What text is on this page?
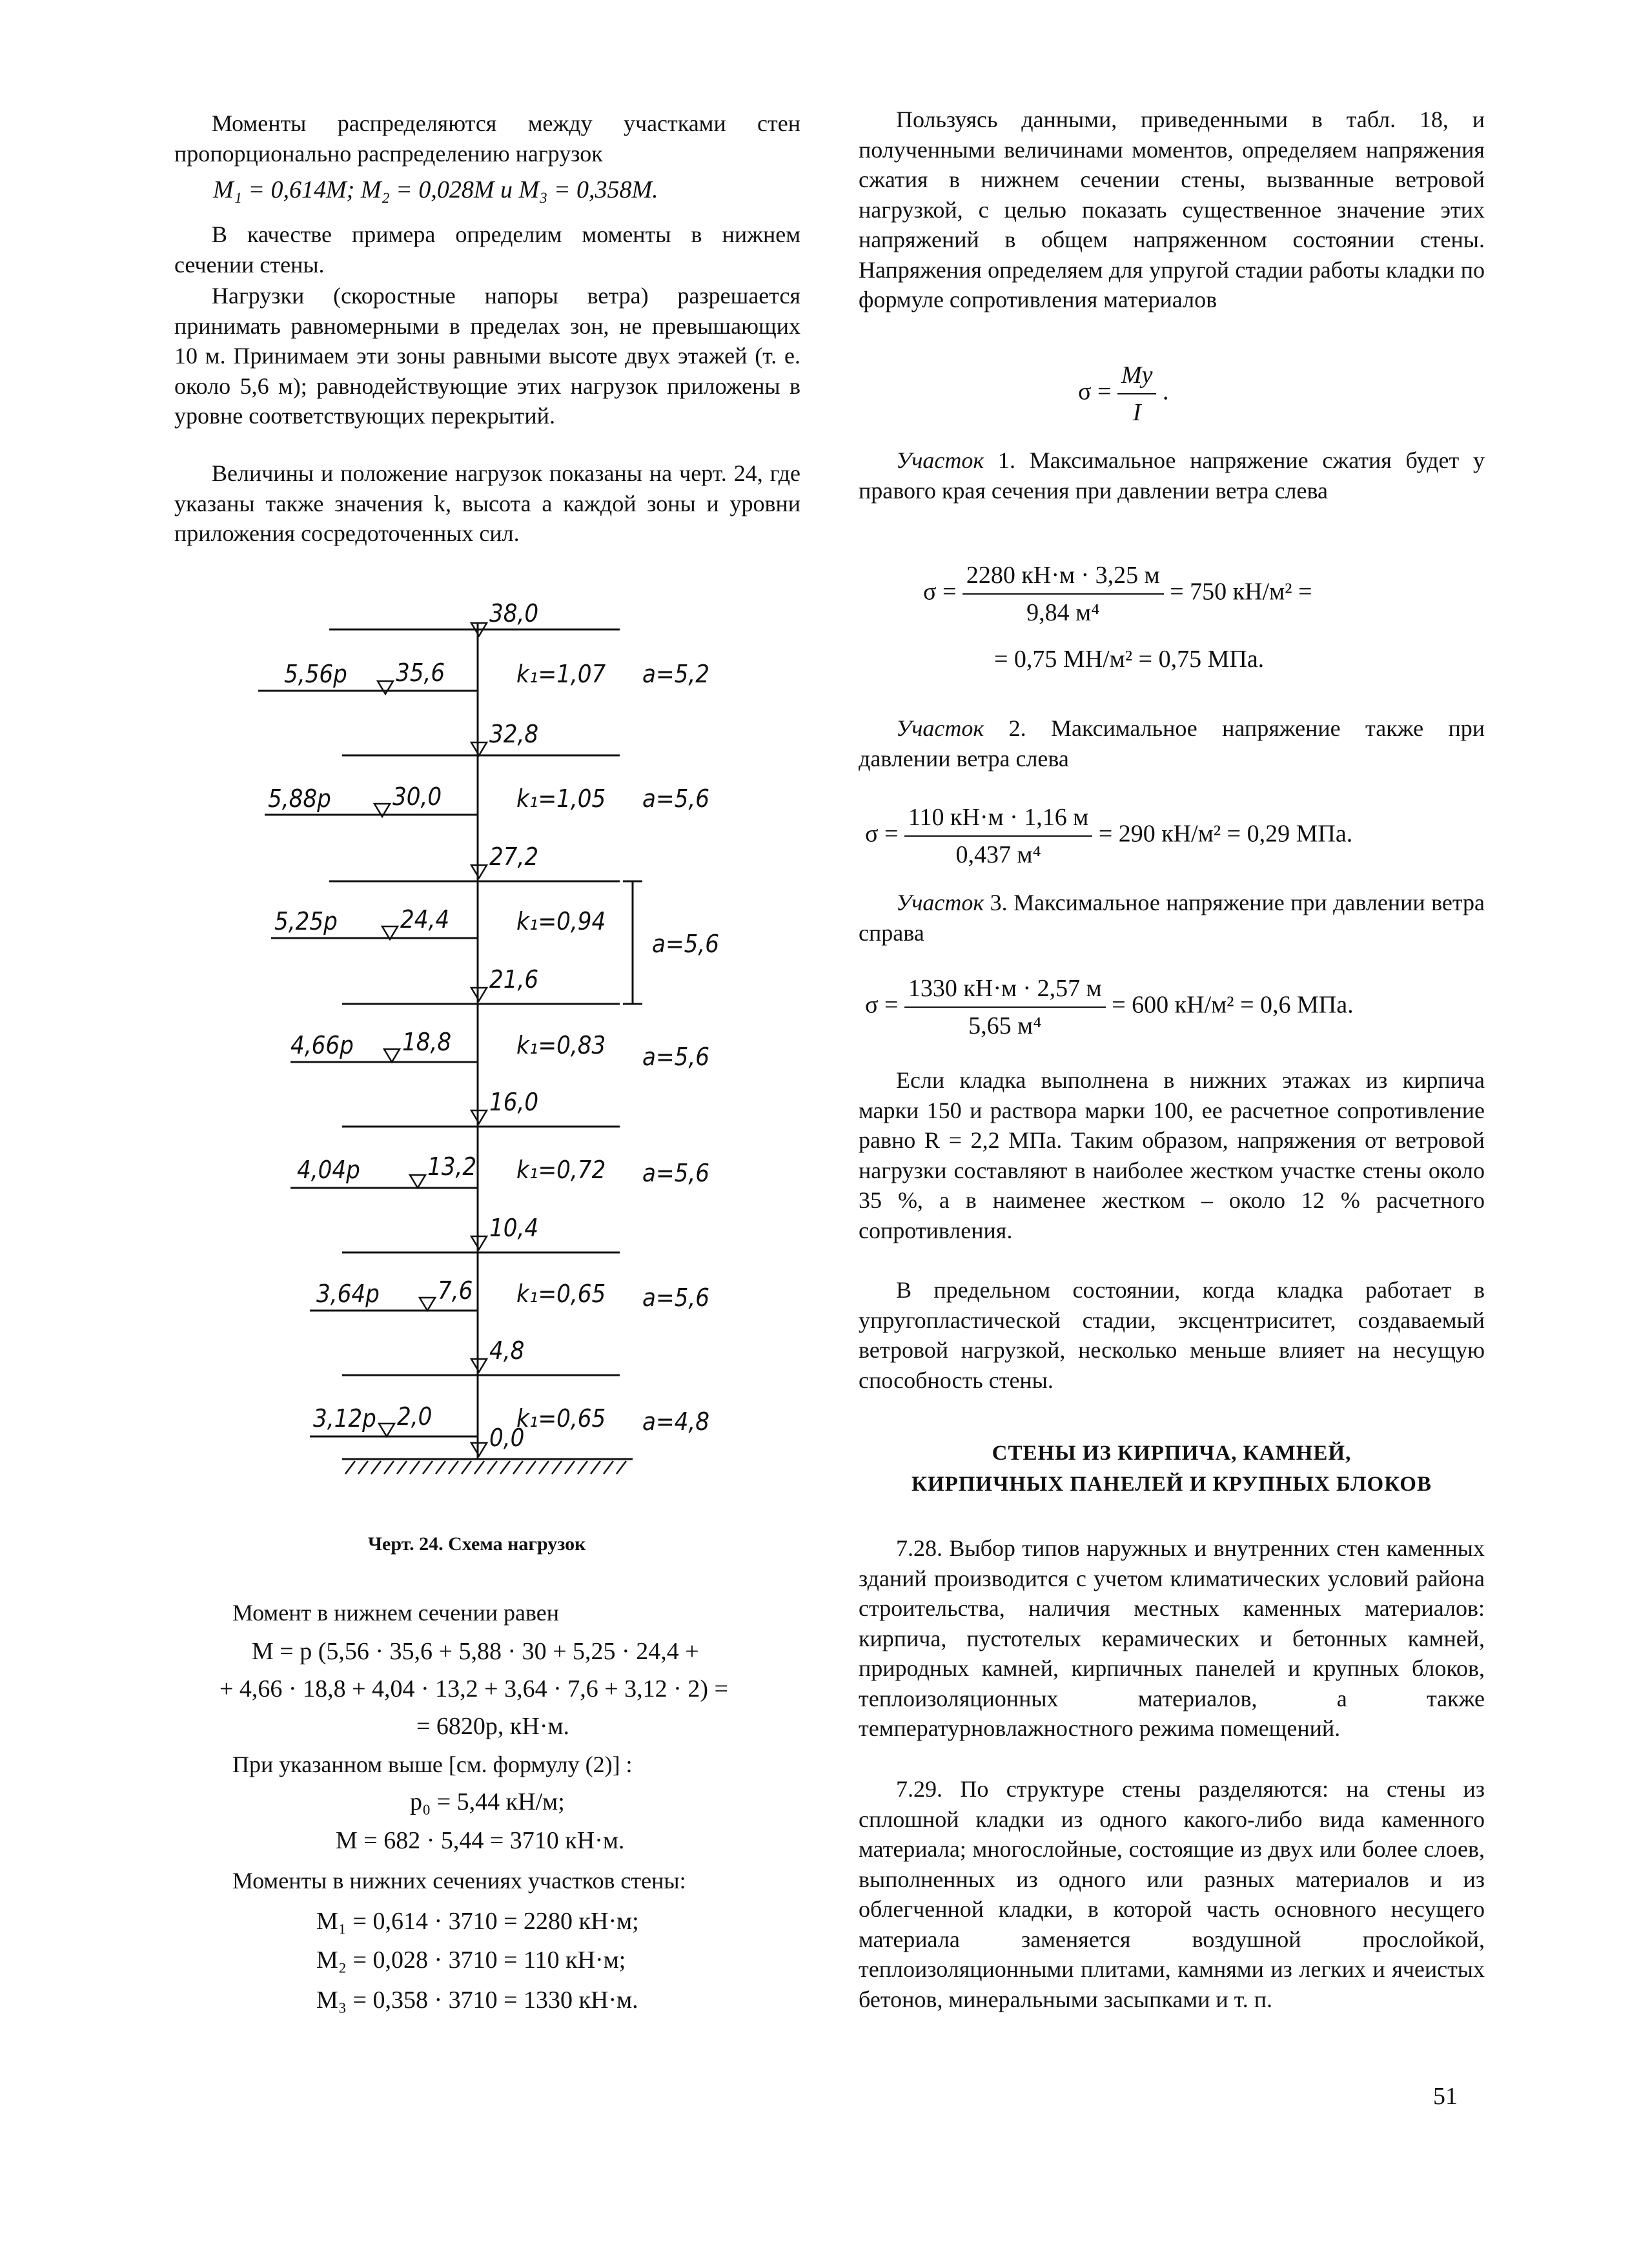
Моменты распределяются между участками стен пропорционально распределению нагрузок

M₁ = 0,614M; M₂ = 0,028M и M₃ = 0,358M.

В качестве примера определим моменты в нижнем сечении стены.

Нагрузки (скоростные напоры ветра) разрешается принимать равномерными в пределах зон, не превышающих 10 м. Принимаем эти зоны равными высоте двух этажей (т. е. около 5,6 м); равнодействующие этих нагрузок приложены в уровне соответствующих перекрытий.

Величины и положение нагрузок показаны на черт. 24, где указаны также значения k, высота a каждой зоны и уровни приложения сосредоточенных сил.

38,0
35,6
32,8
30,0
27,2
24,4
21,6
18,8
16,0
13,2
10,4
7,6
4,8
2,0
0,0
5,56p
5,88p
5,25p
4,66p
4,04p
3,64p
3,12p
k₁=1,07
k₁=1,05
k₁=0,94
k₁=0,83
k₁=0,72
k₁=0,65
k₁=0,65
a=5,2
a=5,6
a=5,6
a=5,6
a=5,6
a=5,6
a=4,8
Черт. 24. Схема нагрузок

Момент в нижнем сечении равен

M = p (5,56 · 35,6 + 5,88 · 30 + 5,25 · 24,4 +

+ 4,66 · 18,8 + 4,04 · 13,2 + 3,64 · 7,6 + 3,12 · 2) =

= 6820p, кН·м.

При указанном выше [см. формулу (2)] :

p₀ = 5,44 кН/м;

M = 682 · 5,44 = 3710 кН·м.

Моменты в нижних сечениях участков стены:

M₁ = 0,614 · 3710 = 2280 кН·м;

M₂ = 0,028 · 3710 = 110 кН·м;

M₃ = 0,358 · 3710 = 1330 кН·м.

Пользуясь данными, приведенными в табл. 18, и полученными величинами моментов, определяем напряжения сжатия в нижнем сечении стены, вызванные ветровой нагрузкой, с целью показать существенное значение этих напряжений в общем напряженном состоянии стены. Напряжения определяем для упругой стадии работы кладки по формуле сопротивления материалов

$\sigma = \frac{My}{I}$ .

Участок 1. Максимальное напряжение сжатия будет у правого края сечения при давлении ветра слева

$\sigma = \frac{2280 кН\cdot м \cdot 3,25 м}{\text{9,84 м⁴}} = 750$ кН/м² =

= 0,75 МН/м² = 0,75 МПа.

Участок 2. Максимальное напряжение также при давлении ветра слева

$\sigma = \frac{110 кН\cdot м \cdot 1,16 м}{\text{0,437 м⁴}} = 290$ кН/м² = 0,29 МПа.

Участок 3. Максимальное напряжение при давлении ветра справа

$\sigma = \frac{1330 кН\cdot м \cdot 2,57 м}{\text{5,65 м⁴}} = 600$ кН/м² = 0,6 МПа.

Если кладка выполнена в нижних этажах из кирпича марки 150 и раствора марки 100, ее расчетное сопротивление равно R = 2,2 МПа. Таким образом, напряжения от ветровой нагрузки составляют в наиболее жестком участке стены около 35 %, а в наименее жестком – около 12 % расчетного сопротивления.

В предельном состоянии, когда кладка работает в упругопластической стадии, эксцентриситет, создаваемый ветровой нагрузкой, несколько меньше влияет на несущую способность стены.

СТЕНЫ ИЗ КИРПИЧА, КАМНЕЙ,
КИРПИЧНЫХ ПАНЕЛЕЙ И КРУПНЫХ БЛОКОВ

7.28. Выбор типов наружных и внутренних стен каменных зданий производится с учетом климатических условий района строительства, наличия местных каменных материалов: кирпича, пустотелых керамических и бетонных камней, природных камней, кирпичных панелей и крупных блоков, теплоизоляционных материалов, а также температурновлажностного режима помещений.

7.29. По структуре стены разделяются: на стены из сплошной кладки из одного какого-либо вида каменного материала; многослойные, состоящие из двух или более слоев, выполненных из одного или разных материалов и из облегченной кладки, в которой часть основного несущего материала заменяется воздушной прослойкой, теплоизоляционными плитами, камнями из легких и ячеистых бетонов, минеральными засыпками и т. п.

51
